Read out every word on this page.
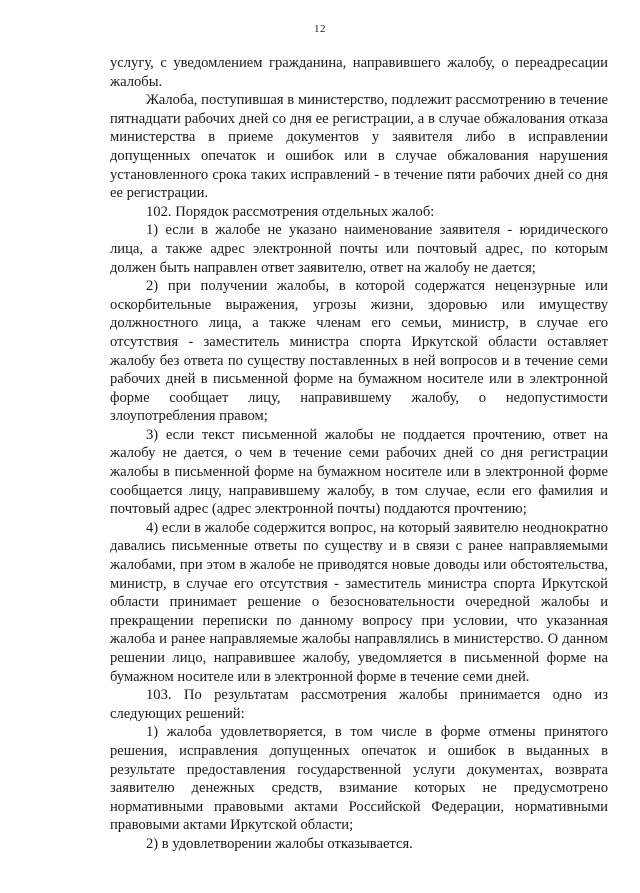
12

услугу, с уведомлением гражданина, направившего жалобу, о переадресации жалобы.

Жалоба, поступившая в министерство, подлежит рассмотрению в течение пятнадцати рабочих дней со дня ее регистрации, а в случае обжалования отказа министерства в приеме документов у заявителя либо в исправлении допущенных опечаток и ошибок или в случае обжалования нарушения установленного срока таких исправлений - в течение пяти рабочих дней со дня ее регистрации.

102. Порядок рассмотрения отдельных жалоб:

1) если в жалобе не указано наименование заявителя - юридического лица, а также адрес электронной почты или почтовый адрес, по которым должен быть направлен ответ заявителю, ответ на жалобу не дается;

2) при получении жалобы, в которой содержатся нецензурные или оскорбительные выражения, угрозы жизни, здоровью или имуществу должностного лица, а также членам его семьи, министр, в случае его отсутствия - заместитель министра спорта Иркутской области оставляет жалобу без ответа по существу поставленных в ней вопросов и в течение семи рабочих дней в письменной форме на бумажном носителе или в электронной форме сообщает лицу, направившему жалобу, о недопустимости злоупотребления правом;

3) если текст письменной жалобы не поддается прочтению, ответ на жалобу не дается, о чем в течение семи рабочих дней со дня регистрации жалобы в письменной форме на бумажном носителе или в электронной форме сообщается лицу, направившему жалобу, в том случае, если его фамилия и почтовый адрес (адрес электронной почты) поддаются прочтению;

4) если в жалобе содержится вопрос, на который заявителю неоднократно давались письменные ответы по существу и в связи с ранее направляемыми жалобами, при этом в жалобе не приводятся новые доводы или обстоятельства, министр, в случае его отсутствия - заместитель министра спорта Иркутской области принимает решение о безосновательности очередной жалобы и прекращении переписки по данному вопросу при условии, что указанная жалоба и ранее направляемые жалобы направлялись в министерство. О данном решении лицо, направившее жалобу, уведомляется в письменной форме на бумажном носителе или в электронной форме в течение семи дней.

103. По результатам рассмотрения жалобы принимается одно из следующих решений:

1) жалоба удовлетворяется, в том числе в форме отмены принятого решения, исправления допущенных опечаток и ошибок в выданных в результате предоставления государственной услуги документах, возврата заявителю денежных средств, взимание которых не предусмотрено нормативными правовыми актами Российской Федерации, нормативными правовыми актами Иркутской области;

2) в удовлетворении жалобы отказывается.
